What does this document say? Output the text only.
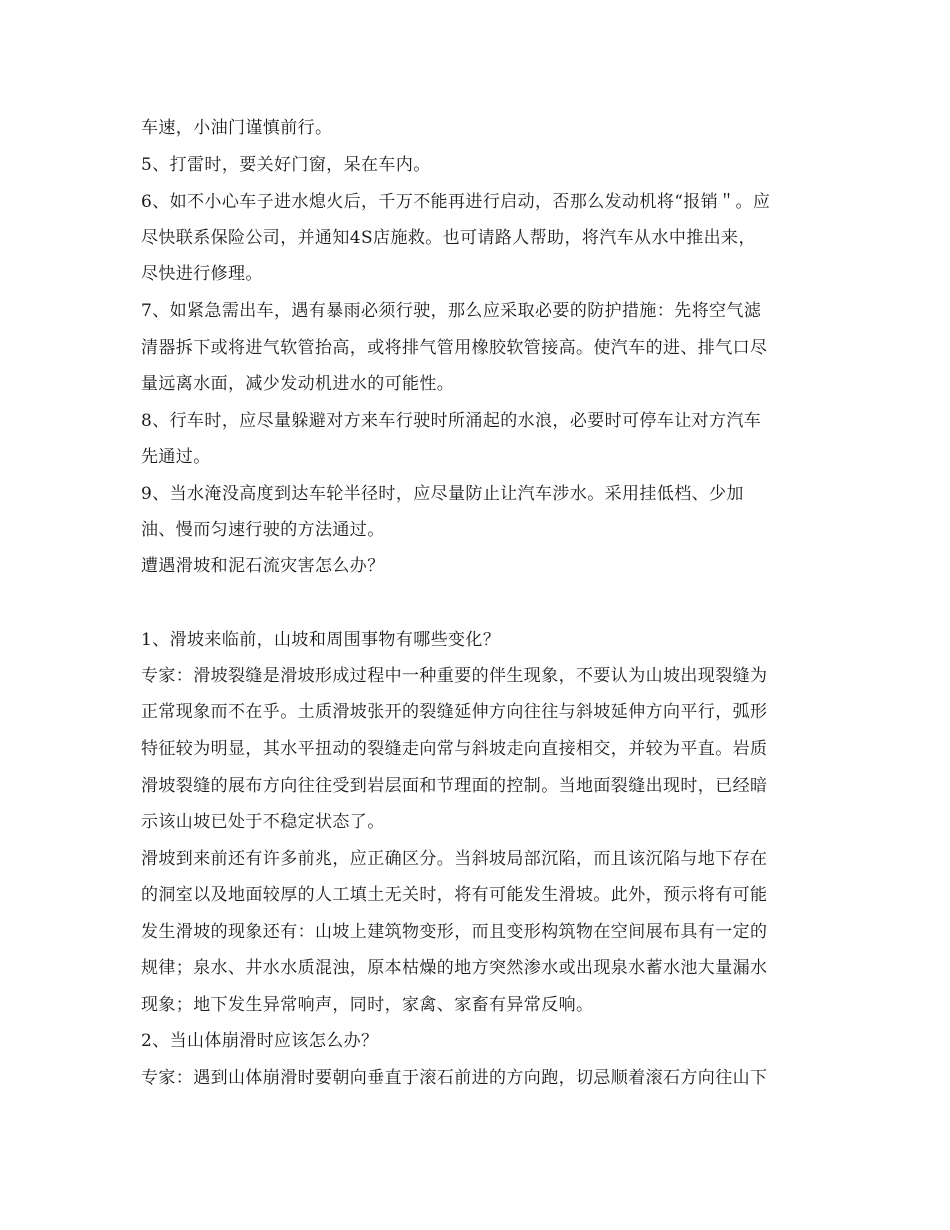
车速，小油门谨慎前行。

5、打雷时，要关好门窗，呆在车内。

6、如不小心车子进水熄火后，千万不能再进行启动，否那么发动机将“报销＂。应

尽快联系保险公司，并通知4S店施救。也可请路人帮助，将汽车从水中推出来，

尽快进行修理。

7、如紧急需出车，遇有暴雨必须行驶，那么应采取必要的防护措施：先将空气滤

清器拆下或将进气软管抬高，或将排气管用橡胶软管接高。使汽车的进、排气口尽

量远离水面，减少发动机进水的可能性。

8、行车时，应尽量躲避对方来车行驶时所涌起的水浪，必要时可停车让对方汽车

先通过。

9、当水淹没高度到达车轮半径时，应尽量防止让汽车涉水。采用挂低档、少加

油、慢而匀速行驶的方法通过。

遭遇滑坡和泥石流灾害怎么办？

1、滑坡来临前，山坡和周围事物有哪些变化？

专家：滑坡裂缝是滑坡形成过程中一种重要的伴生现象，不要认为山坡出现裂缝为

正常现象而不在乎。土质滑坡张开的裂缝延伸方向往往与斜坡延伸方向平行，弧形

特征较为明显，其水平扭动的裂缝走向常与斜坡走向直接相交，并较为平直。岩质

滑坡裂缝的展布方向往往受到岩层面和节理面的控制。当地面裂缝出现时，已经暗

示该山坡已处于不稳定状态了。

滑坡到来前还有许多前兆，应正确区分。当斜坡局部沉陷，而且该沉陷与地下存在

的洞室以及地面较厚的人工填土无关时，将有可能发生滑坡。此外，预示将有可能

发生滑坡的现象还有：山坡上建筑物变形，而且变形构筑物在空间展布具有一定的

规律；泉水、井水水质混浊，原本枯燥的地方突然渗水或出现泉水蓄水池大量漏水

现象；地下发生异常响声，同时，家禽、家畜有异常反响。

2、当山体崩滑时应该怎么办？

专家：遇到山体崩滑时要朝向垂直于滚石前进的方向跑，切忌顺着滚石方向往山下
